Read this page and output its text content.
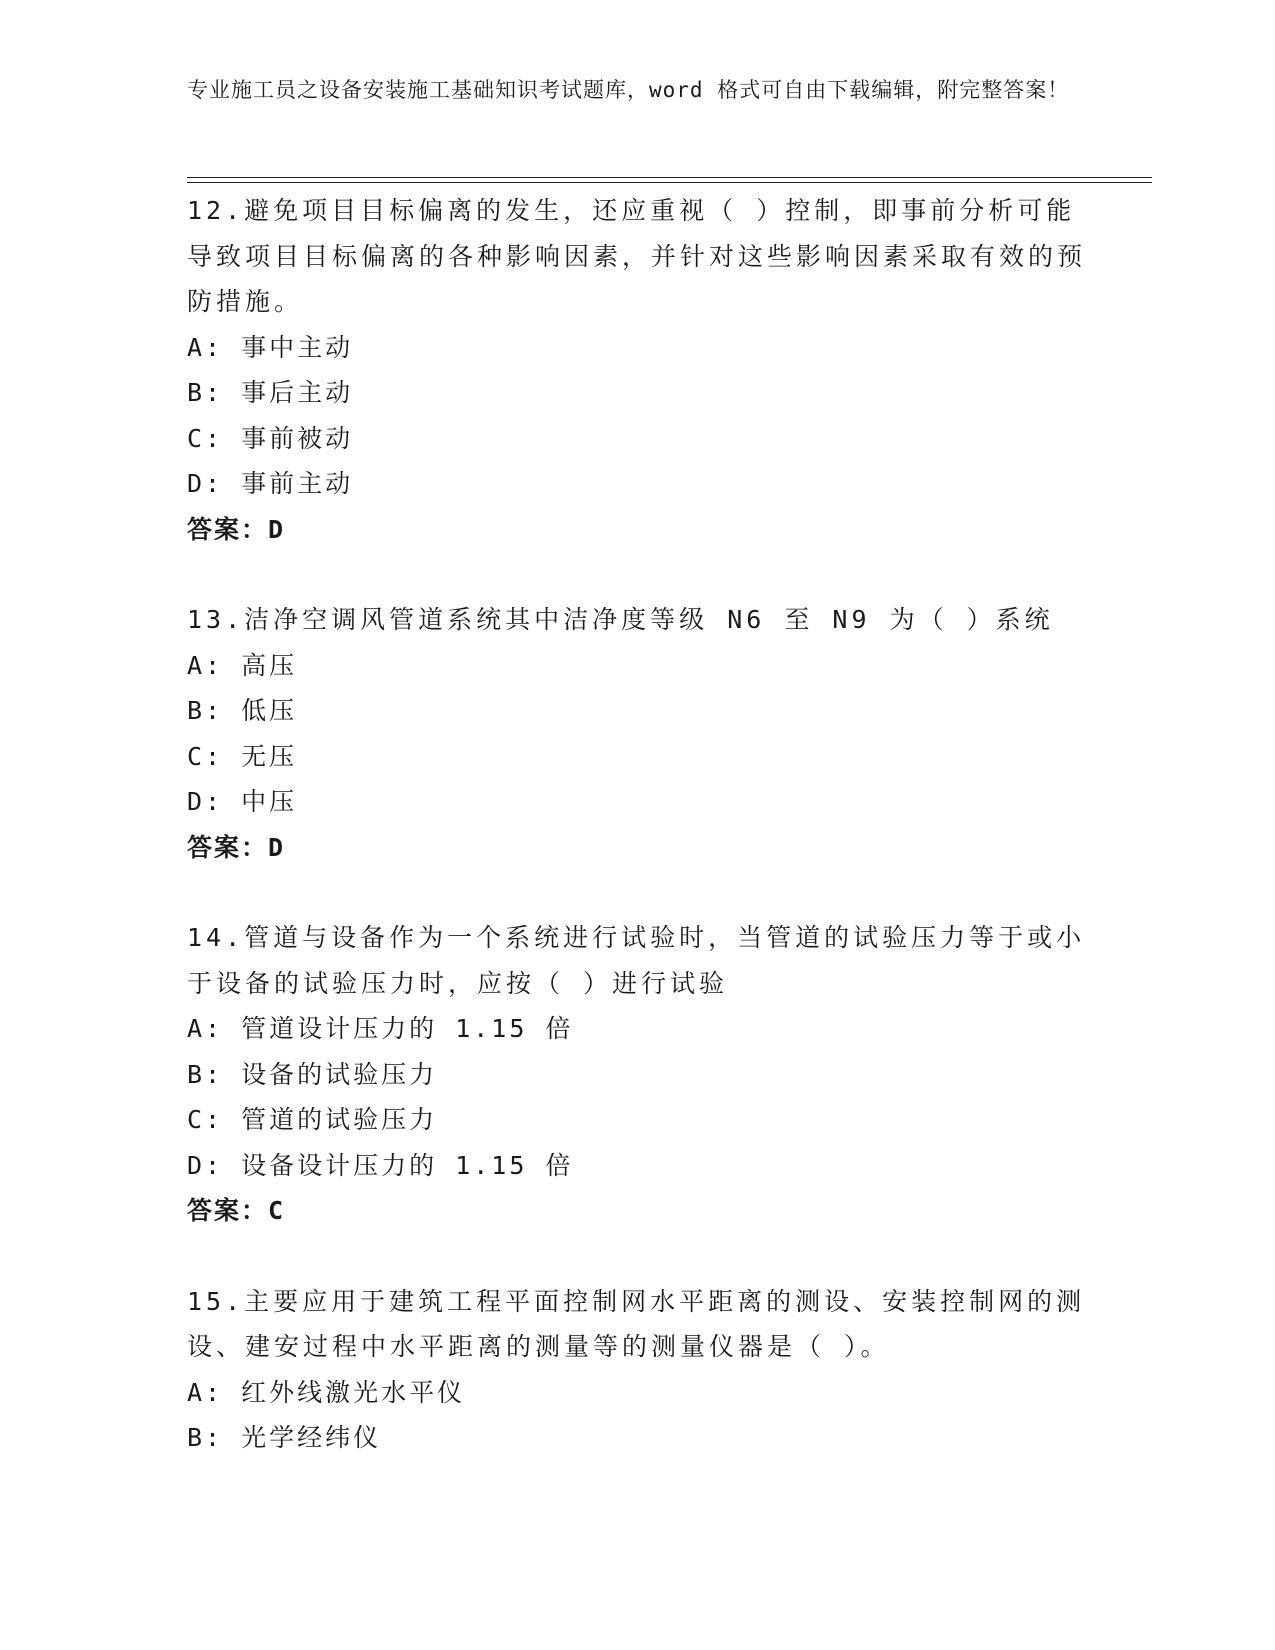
专业施工员之设备安装施工基础知识考试题库，word 格式可自由下载编辑，附完整答案！

12.避免项目目标偏离的发生，还应重视（ ）控制，即事前分析可能导致项目目标偏离的各种影响因素，并针对这些影响因素采取有效的预防措施。

A: 事中主动
B: 事后主动
C: 事前被动
D: 事前主动
答案：D

13.洁净空调风管道系统其中洁净度等级 N6 至 N9 为（ ）系统

A: 高压
B: 低压
C: 无压
D: 中压
答案：D

14.管道与设备作为一个系统进行试验时，当管道的试验压力等于或小于设备的试验压力时，应按（ ）进行试验

A: 管道设计压力的 1.15 倍
B: 设备的试验压力
C: 管道的试验压力
D: 设备设计压力的 1.15 倍
答案：C

15.主要应用于建筑工程平面控制网水平距离的测设、安装控制网的测设、建安过程中水平距离的测量等的测量仪器是（ ）。

A: 红外线激光水平仪
B: 光学经纬仪
